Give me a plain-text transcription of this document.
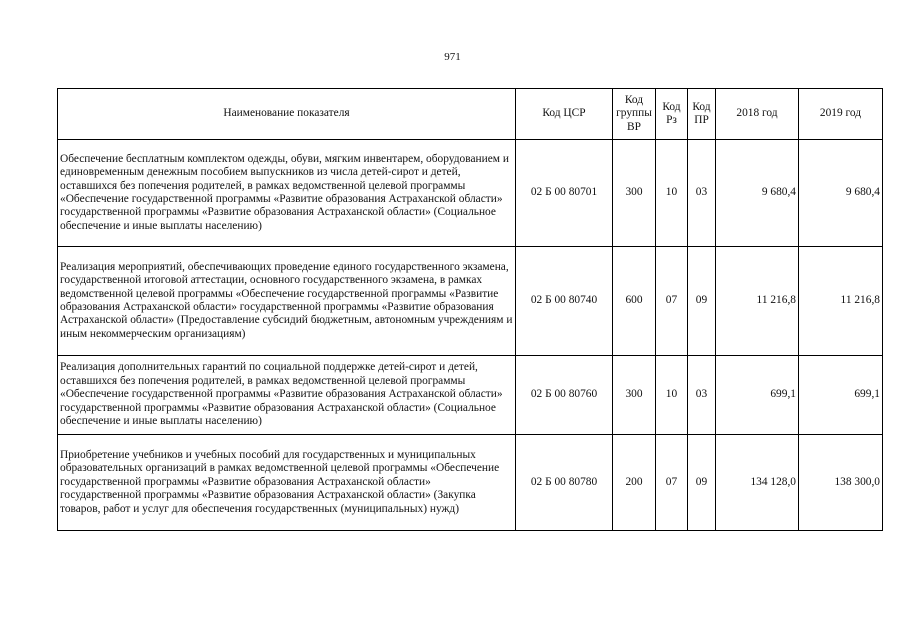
971
Наименование показателя	Код ЦСР	Код группы ВР	Код Рз	Код ПР	2018 год	2019 год
Обеспечение бесплатным комплектом одежды, обуви, мягким инвентарем, оборудованием и единовременным денежным пособием выпускников из числа детей-сирот и детей, оставшихся без попечения родителей, в рамках ведомственной целевой программы «Обеспечение государственной программы «Развитие образования Астраханской области» государственной программы «Развитие образования Астраханской области» (Социальное обеспечение и иные выплаты населению)	02 Б 00 80701	300	10	03	9 680,4	9 680,4
Реализация мероприятий, обеспечивающих проведение единого государственного экзамена, государственной итоговой аттестации, основного государственного экзамена, в рамках ведомственной целевой программы «Обеспечение государственной программы «Развитие образования Астраханской области» государственной программы «Развитие образования Астраханской области» (Предоставление субсидий бюджетным, автономным учреждениям и иным некоммерческим организациям)	02 Б 00 80740	600	07	09	11 216,8	11 216,8
Реализация дополнительных гарантий по социальной поддержке детей-сирот и детей, оставшихся без попечения родителей, в рамках ведомственной целевой программы «Обеспечение государственной программы «Развитие образования Астраханской области» государственной программы «Развитие образования Астраханской области» (Социальное обеспечение и иные выплаты населению)	02 Б 00 80760	300	10	03	699,1	699,1
Приобретение учебников и учебных пособий для государственных и муниципальных образовательных организаций в рамках ведомственной целевой программы «Обеспечение государственной программы «Развитие образования Астраханской области» государственной программы «Развитие образования Астраханской области» (Закупка товаров, работ и услуг для обеспечения государственных (муниципальных) нужд)	02 Б 00 80780	200	07	09	134 128,0	138 300,0
